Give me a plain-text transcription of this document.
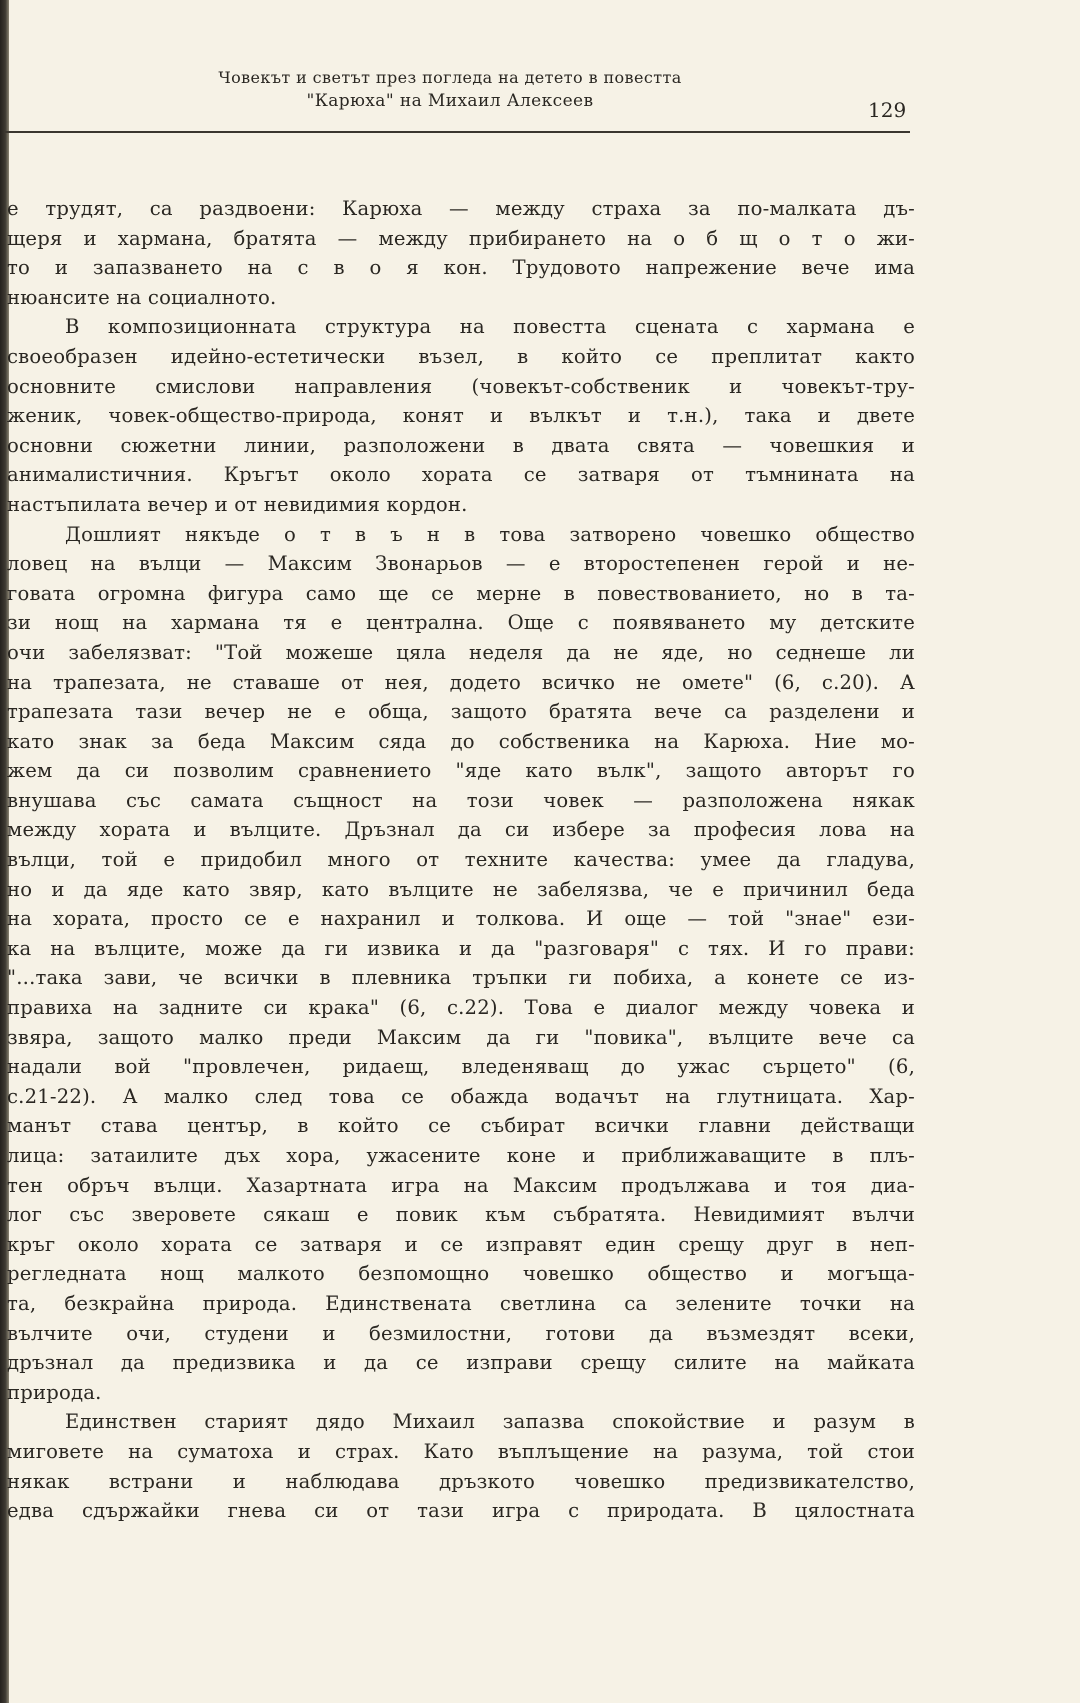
Човекът и светът през погледа на детето в повестта
"Карюха" на Михаил Алексеев	129
е трудят, са раздвоени: Карюха — между страха за по-малката дъ-
щеря и харманa, братята — между прибирането на о б щ о т о жи-
то и запазването на с в о я кон. Трудовото напрежение вече има
нюансите на социалното.
В композиционната структура на повестта сцената с хармана е
своеобразен идейно-естетически възел, в който се преплитат както
основните смислови направления (човекът-собственик и човекът-тру-
женик, човек-общество-природа, конят и вълкът и т.н.), така и двете
основни сюжетни линии, разположени в двата свята — човешкия и
анималистичния. Кръгът около хората се затваря от тъмнината на
настъпилата вечер и от невидимия кордон.
Дошлият някъде о т в ъ н в това затворено човешко общество
ловец на вълци — Максим Звонарьов — е второстепенен герой и не-
говата огромна фигура само ще се мерне в повествованието, но в та-
зи нощ на хармана тя е централна. Още с появяването му детските
очи забелязват: "Той можеше цяла неделя да не яде, но седнеше ли
на трапезата, не ставаше от нея, додето всичко не омете" (6, с.20). А
трапезата тази вечер не е обща, защото братята вече са разделени и
като знак за беда Максим сяда до собственика на Карюха. Ние мо-
жем да си позволим сравнението "яде като вълк", защото авторът го
внушава със самата същност на този човек — разположена някак
между хората и вълците. Дръзнал да си избере за професия лова на
вълци, той е придобил много от техните качества: умее да гладува,
но и да яде като звяр, като вълците не забелязва, че е причинил беда
на хората, просто се е нахранил и толкова. И още — той "знае" ези-
ка на вълците, може да ги извика и да "разговаря" с тях. И го прави:
"...така зави, че всички в плевника тръпки ги побиха, а конете се из-
правиха на задните си крака" (6, с.22). Това е диалог между човека и
звяра, защото малко преди Максим да ги "повика", вълците вече са
надали вой "провлечен, ридаещ, вледеняващ до ужас сърцето" (6,
с.21-22). А малко след това се обажда водачът на глутницата. Хар-
манът става център, в който се събират всички главни действащи
лица: затаилите дъх хора, ужасените коне и приближаващите в плъ-
тен обръч вълци. Хазартната игра на Максим продължава и тоя диа-
лог със зверовете сякаш е повик към събратята. Невидимият вълчи
кръг около хората се затваря и се изправят един срещу друг в неп-
регледната нощ малкото безпомощно човешко общество и могъща-
та, безкрайна природа. Единствената светлина са зелените точки на
вълчите очи, студени и безмилостни, готови да възмездят всеки,
дръзнал да предизвика и да се изправи срещу силите на майката
природа.
Единствен старият дядо Михаил запазва спокойствие и разум в
миговете на суматоха и страх. Като въплъщение на разума, той стои
някак встрани и наблюдава дръзкото човешко предизвикателство,
едва сдържайки гнева си от тази игра с природата. В цялостната
